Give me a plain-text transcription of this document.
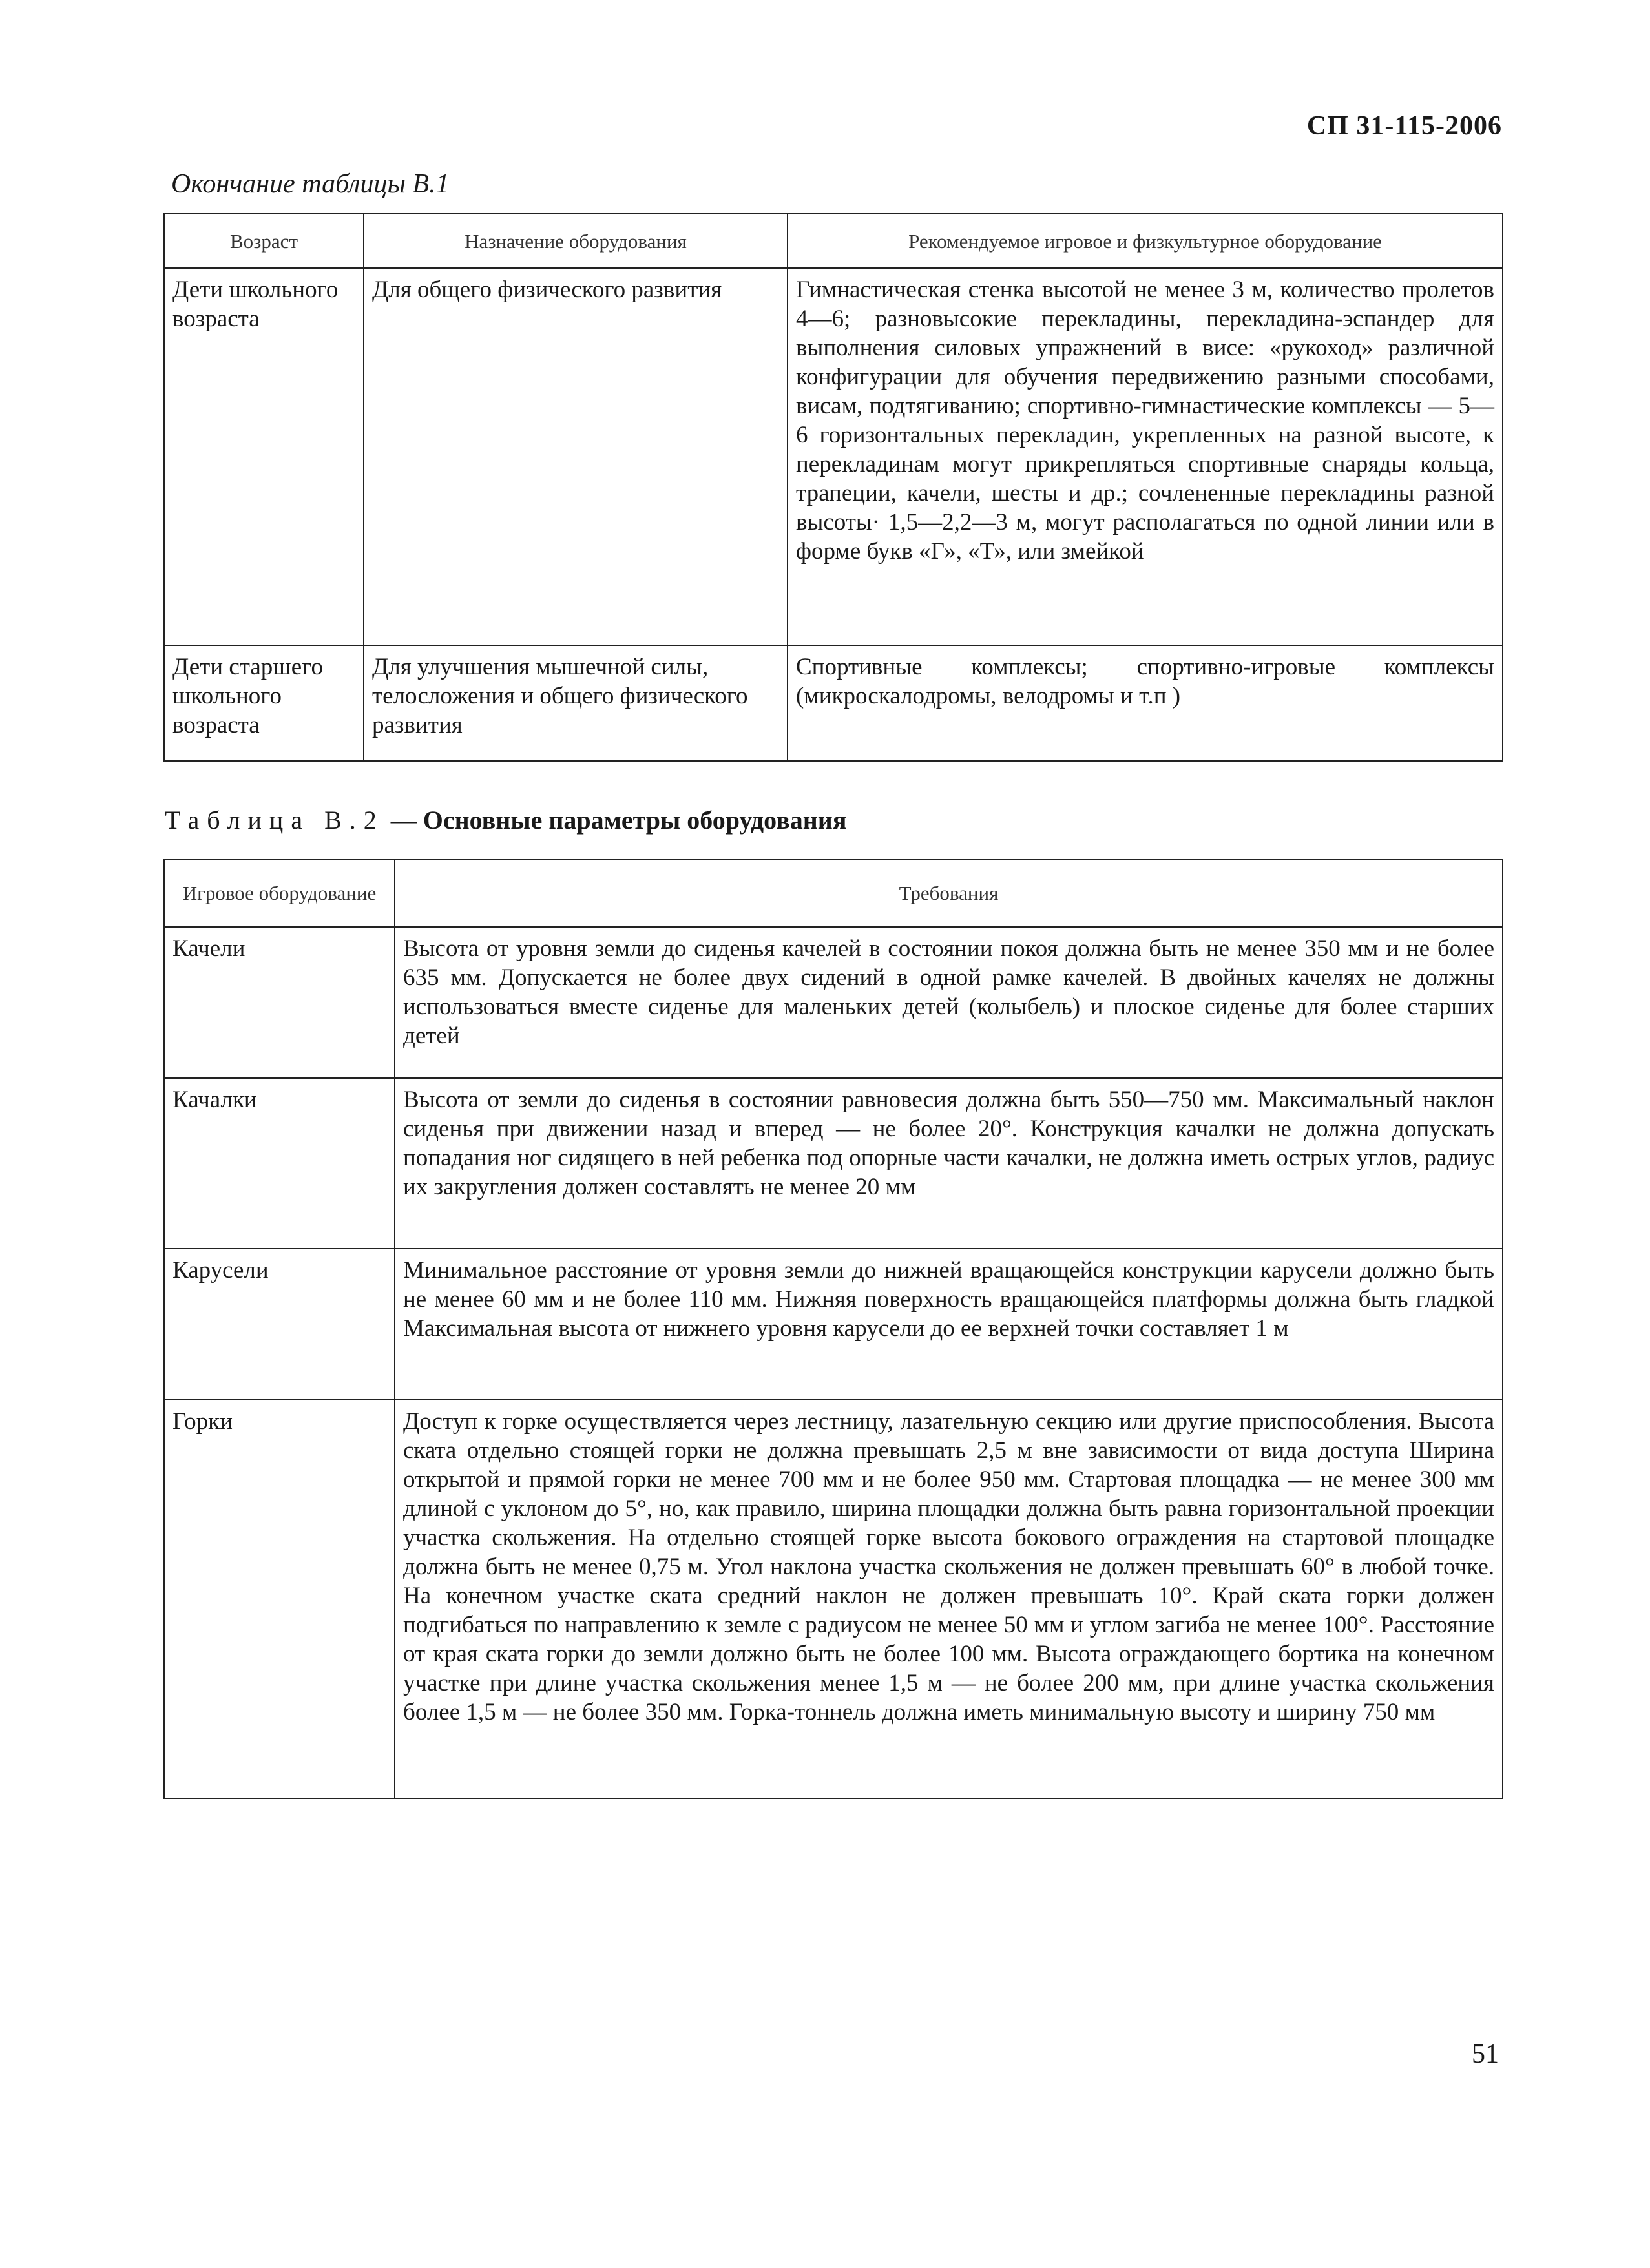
СП 31-115-2006
Окончание таблицы В.1
Возраст	Назначение оборудования	Рекомендуемое игровое и физкультурное оборудование
Дети школьного возраста	Для общего физического развития	Гимнастическая стенка высотой не менее 3 м, количество пролетов 4—6; разновысокие перекладины, перекладина-эспандер для выполнения силовых упражнений в висе: «рукоход» различной конфигурации для обучения передвижению разными способами, висам, подтягиванию; спортивно-гимнастические комплексы — 5—6 горизонтальных перекладин, укрепленных на разной высоте, к перекладинам могут прикрепляться спортивные снаряды кольца, трапеции, качели, шесты и др.; сочлененные перекладины разной высоты· 1,5—2,2—3 м, могут располагаться по одной линии или в форме букв «Г», «Т», или змейкой
Дети старшего школьного возраста	Для улучшения мышечной силы, телосложения и общего физического развития	Спортивные комплексы; спортивно-игровые комплексы (микроскалодромы, велодромы и т.п )
Таблица В.2 — Основные параметры оборудования
Игровое оборудование	Требования
Качели	Высота от уровня земли до сиденья качелей в состоянии покоя должна быть не менее 350 мм и не более 635 мм. Допускается не более двух сидений в одной рамке качелей. В двойных качелях не должны использоваться вместе сиденье для маленьких детей (колыбель) и плоское сиденье для более старших детей
Качалки	Высота от земли до сиденья в состоянии равновесия должна быть 550—750 мм. Максимальный наклон сиденья при движении назад и вперед — не более 20°. Конструкция качалки не должна допускать попадания ног сидящего в ней ребенка под опорные части качалки, не должна иметь острых углов, радиус их закругления должен составлять не менее 20 мм
Карусели	Минимальное расстояние от уровня земли до нижней вращающейся конструкции карусели должно быть не менее 60 мм и не более 110 мм. Нижняя поверхность вращающейся платформы должна быть гладкой Максимальная высота от нижнего уровня карусели до ее верхней точки составляет 1 м
Горки	Доступ к горке осуществляется через лестницу, лазательную секцию или другие приспособления. Высота ската отдельно стоящей горки не должна превышать 2,5 м вне зависимости от вида доступа Ширина открытой и прямой горки не менее 700 мм и не более 950 мм. Стартовая площадка — не менее 300 мм длиной с уклоном до 5°, но, как правило, ширина площадки должна быть равна горизонтальной проекции участка скольжения. На отдельно стоящей горке высота бокового ограждения на стартовой площадке должна быть не менее 0,75 м. Угол наклона участка скольжения не должен превышать 60° в любой точке. На конечном участке ската средний наклон не должен превышать 10°. Край ската горки должен подгибаться по направлению к земле с радиусом не менее 50 мм и углом загиба не менее 100°. Расстояние от края ската горки до земли должно быть не более 100 мм. Высота ограждающего бортика на конечном участке при длине участка скольжения менее 1,5 м — не более 200 мм, при длине участка скольжения более 1,5 м — не более 350 мм. Горка-тоннель должна иметь минимальную высоту и ширину 750 мм
51
